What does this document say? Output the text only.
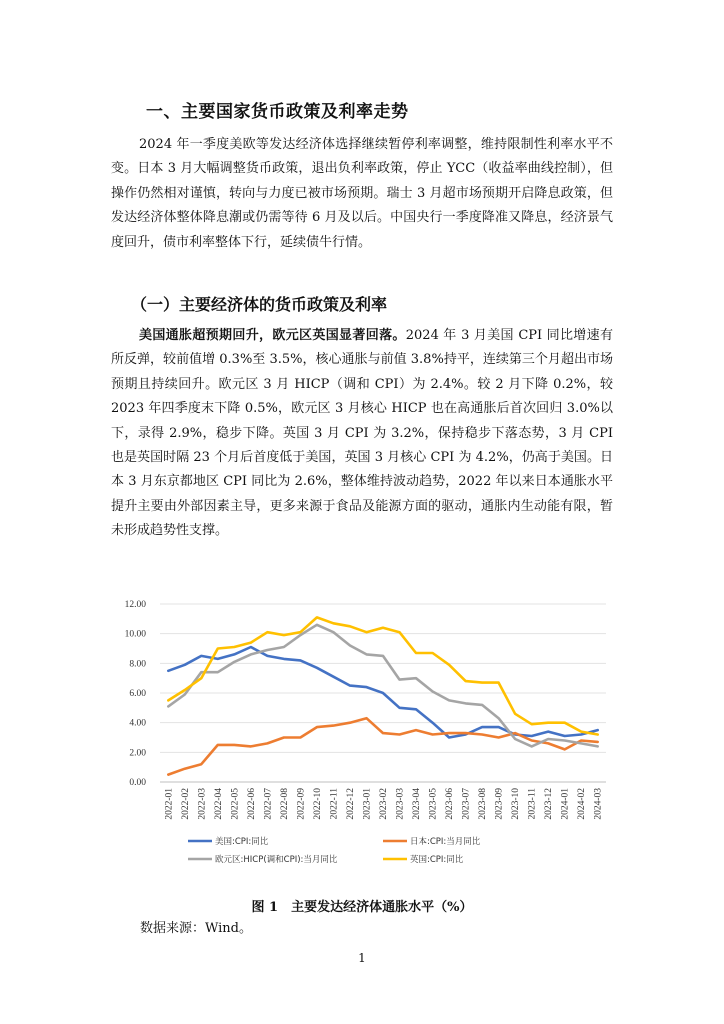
一、主要国家货币政策及利率走势
2024 年一季度美欧等发达经济体选择继续暂停利率调整，维持限制性利率水平不变。日本 3 月大幅调整货币政策，退出负利率政策，停止 YCC（收益率曲线控制），但操作仍然相对谨慎，转向与力度已被市场预期。瑞士 3 月超市场预期开启降息政策，但发达经济体整体降息潮或仍需等待 6 月及以后。中国央行一季度降准又降息，经济景气度回升，债市利率整体下行，延续债牛行情。
（一）主要经济体的货币政策及利率
美国通胀超预期回升，欧元区英国显著回落。2024 年 3 月美国 CPI 同比增速有所反弹，较前值增 0.3%至 3.5%，核心通胀与前值 3.8%持平，连续第三个月超出市场预期且持续回升。欧元区 3 月 HICP（调和 CPI）为 2.4%。较 2 月下降 0.2%，较 2023 年四季度末下降 0.5%，欧元区 3 月核心 HICP 也在高通胀后首次回归 3.0%以下，录得 2.9%，稳步下降。英国 3 月 CPI 为 3.2%，保持稳步下落态势，3 月 CPI 也是英国时隔 23 个月后首度低于美国，英国 3 月核心 CPI 为 4.2%，仍高于美国。日本 3 月东京都地区 CPI 同比为 2.6%，整体维持波动趋势，2022 年以来日本通胀水平提升主要由外部因素主导，更多来源于食品及能源方面的驱动，通胀内生动能有限，暂未形成趋势性支撑。
0.00
2.00
4.00
6.00
8.00
10.00
12.00
2022-01 2022-02 2022-03 2022-04 2022-05 2022-06 2022-07 2022-08 2022-09 2022-10 2022-11 2022-12 2023-01 2023-02 2023-03 2023-04 2023-05 2023-06 2023-07 2023-08 2023-09 2023-10 2023-11 2023-12 2024-01 2024-02 2024-03
美国:CPI:同比	日本:CPI:当月同比
欧元区:HICP(调和CPI):当月同比	英国:CPI:同比
图 1　主要发达经济体通胀水平（%）
数据来源：Wind。
1
